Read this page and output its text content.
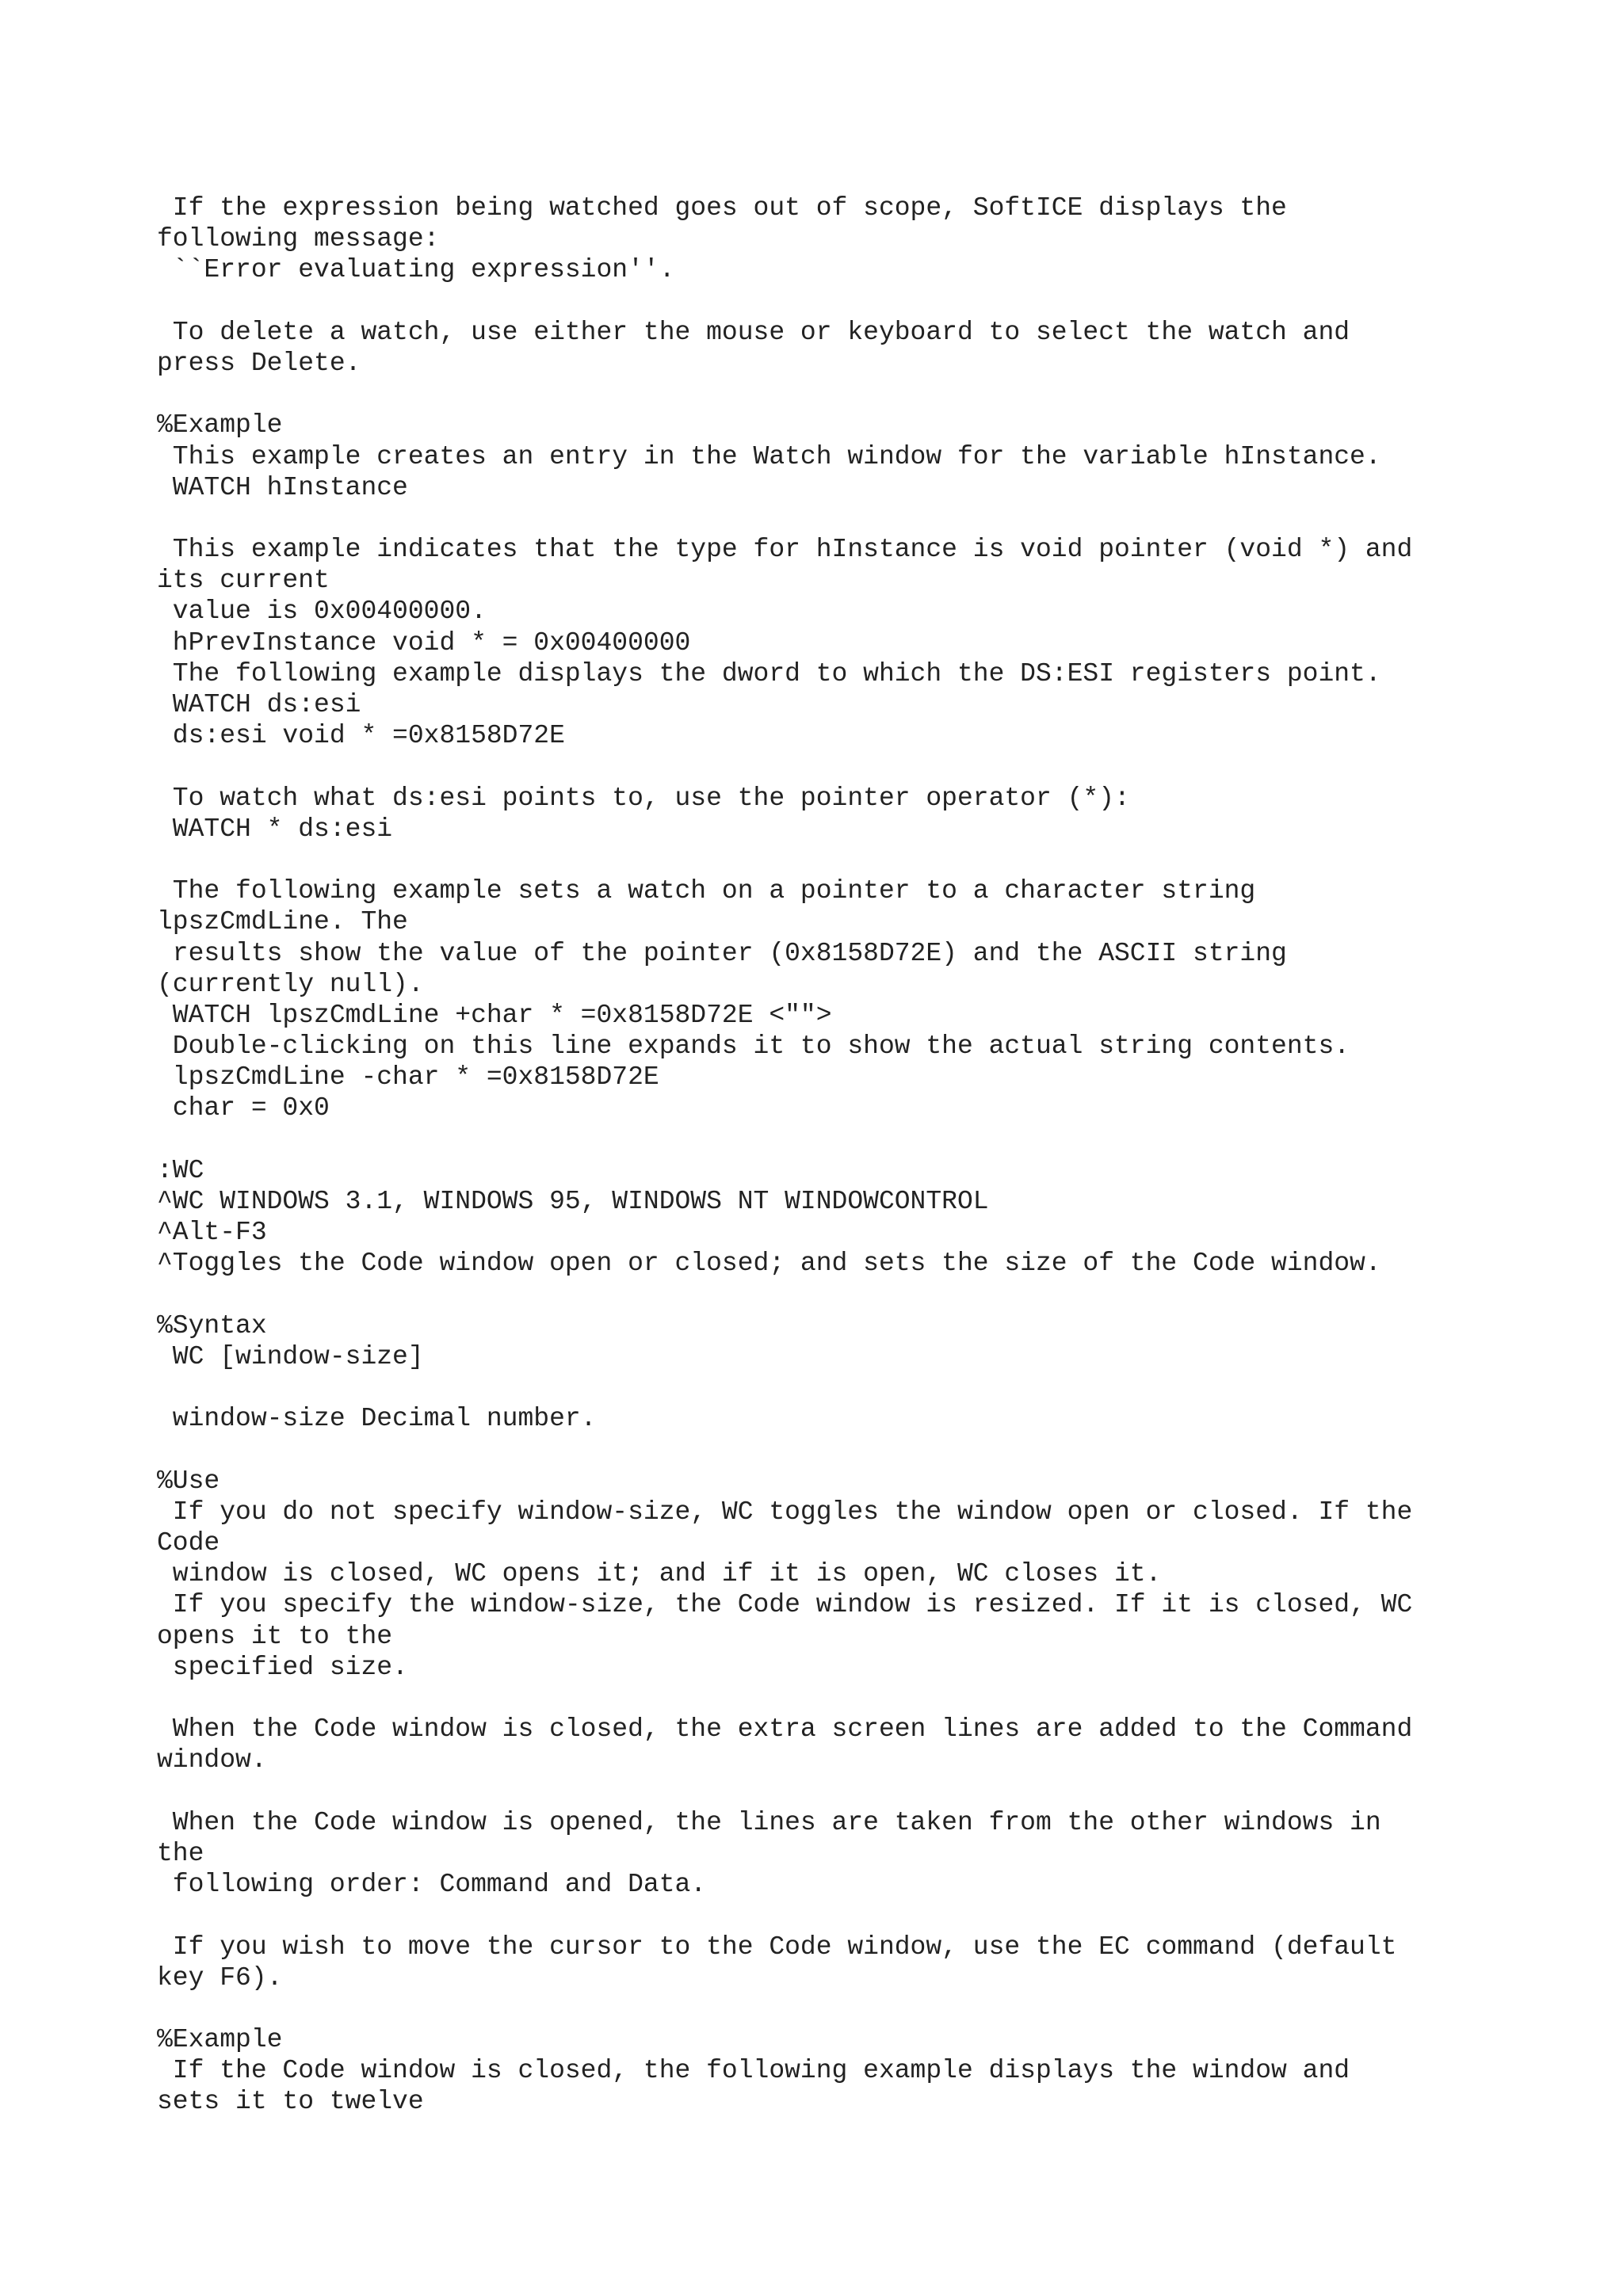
If the expression being watched goes out of scope, SoftICE displays the
following message:
``Error evaluating expression''.
To delete a watch, use either the mouse or keyboard to select the watch and
press Delete.
%Example
This example creates an entry in the Watch window for the variable hInstance.
WATCH hInstance
This example indicates that the type for hInstance is void pointer (void *) and
its current
value is 0x00400000.
hPrevInstance void * = 0x00400000
The following example displays the dword to which the DS:ESI registers point.
WATCH ds:esi
ds:esi void * =0x8158D72E
To watch what ds:esi points to, use the pointer operator (*):
WATCH * ds:esi
The following example sets a watch on a pointer to a character string
lpszCmdLine. The
results show the value of the pointer (0x8158D72E) and the ASCII string
(currently null).
WATCH lpszCmdLine +char * =0x8158D72E <"">
Double-clicking on this line expands it to show the actual string contents.
lpszCmdLine -char * =0x8158D72E
char = 0x0
:WC
^WC WINDOWS 3.1, WINDOWS 95, WINDOWS NT WINDOWCONTROL
^Alt-F3
^Toggles the Code window open or closed; and sets the size of the Code window.
%Syntax
WC [window-size]
window-size Decimal number.
%Use
If you do not specify window-size, WC toggles the window open or closed. If the
Code
window is closed, WC opens it; and if it is open, WC closes it.
If you specify the window-size, the Code window is resized. If it is closed, WC
opens it to the
specified size.
When the Code window is closed, the extra screen lines are added to the Command
window.
When the Code window is opened, the lines are taken from the other windows in
the
following order: Command and Data.
If you wish to move the cursor to the Code window, use the EC command (default
key F6).
%Example
If the Code window is closed, the following example displays the window and
sets it to twelve
